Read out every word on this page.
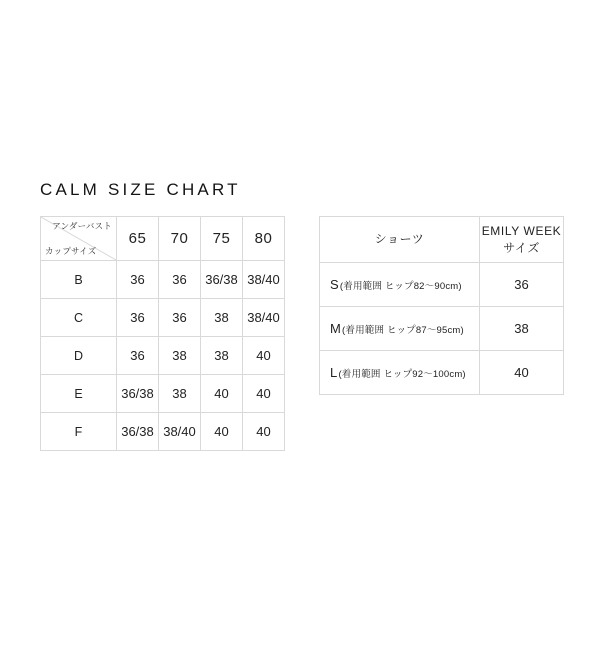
CALM SIZE CHART
アンダーバスト
カップサイズ	65	70	75	80
B	36	36	36/38	38/40
C	36	36	38	38/40
D	36	38	38	40
E	36/38	38	40	40
F	36/38	38/40	40	40
ショーツ	EMILY WEEK
サイズ
S(着用範囲 ヒップ82〜90cm)	36
M(着用範囲 ヒップ87〜95cm)	38
L(着用範囲 ヒップ92〜100cm)	40
